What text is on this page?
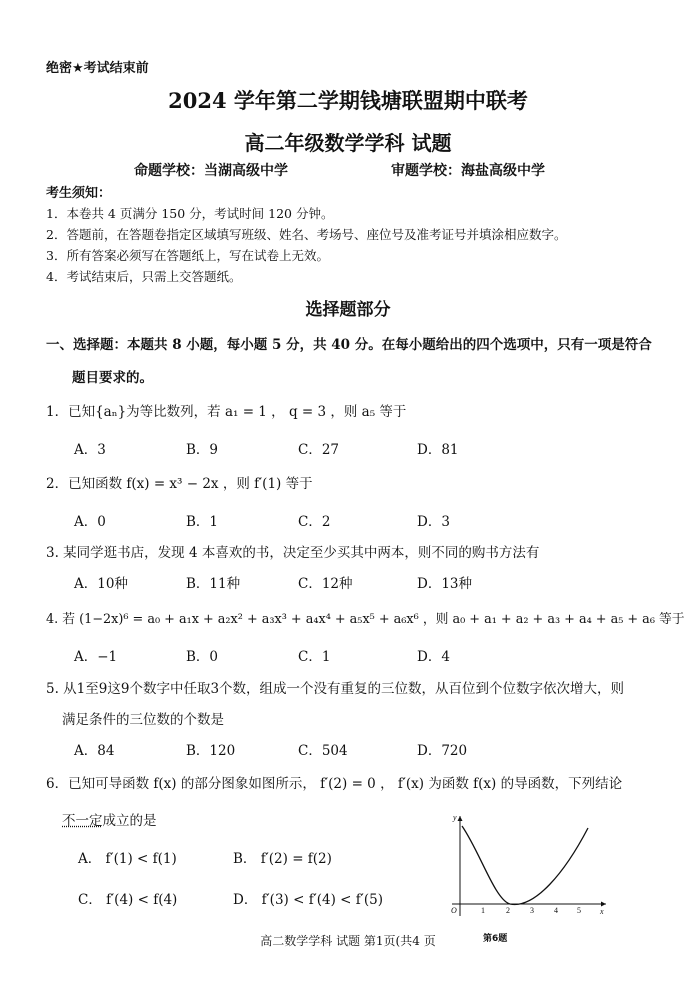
绝密★考试结束前
2024 学年第二学期钱塘联盟期中联考
高二年级数学学科 试题
命题学校：当湖高级中学	审题学校：海盐高级中学
考生须知：
1．本卷共 4 页满分 150 分，考试时间 120 分钟。
2．答题前，在答题卷指定区域填写班级、姓名、考场号、座位号及准考证号并填涂相应数字。
3．所有答案必须写在答题纸上，写在试卷上无效。
4．考试结束后，只需上交答题纸。
选择题部分
一、选择题：本题共 8 小题，每小题 5 分，共 40 分。在每小题给出的四个选项中，只有一项是符合
题目要求的。
1．已知{aₙ}为等比数列，若 a₁ = 1 ， q = 3 ，则 a₅ 等于
A．3	B．9	C．27	D．81
2．已知函数 f(x) = x³ − 2x ，则 f′(1) 等于
A．0	B．1	C．2	D．3
3. 某同学逛书店，发现 4 本喜欢的书，决定至少买其中两本，则不同的购书方法有
A．10种	B．11种	C．12种	D．13种
4. 若 (1−2x)⁶ = a₀ + a₁x + a₂x² + a₃x³ + a₄x⁴ + a₅x⁵ + a₆x⁶ ，则 a₀ + a₁ + a₂ + a₃ + a₄ + a₅ + a₆ 等于
A．−1	B．0	C．1	D．4
5. 从1至9这9个数字中任取3个数，组成一个没有重复的三位数，从百位到个位数字依次增大，则
满足条件的三位数的个数是
A．84	B．120	C．504	D．720
6．已知可导函数 f(x) 的部分图象如图所示， f′(2) = 0 ， f′(x) 为函数 f(x) 的导函数，下列结论
不一定成立的是
A． f′(1) < f(1)	B． f′(2) = f(2)
C． f′(4) < f(4)	D． f′(3) < f′(4) < f′(5)
y
x
O	1	2	3	4 5
第6题
高二数学学科 试题 第1页(共4 页
